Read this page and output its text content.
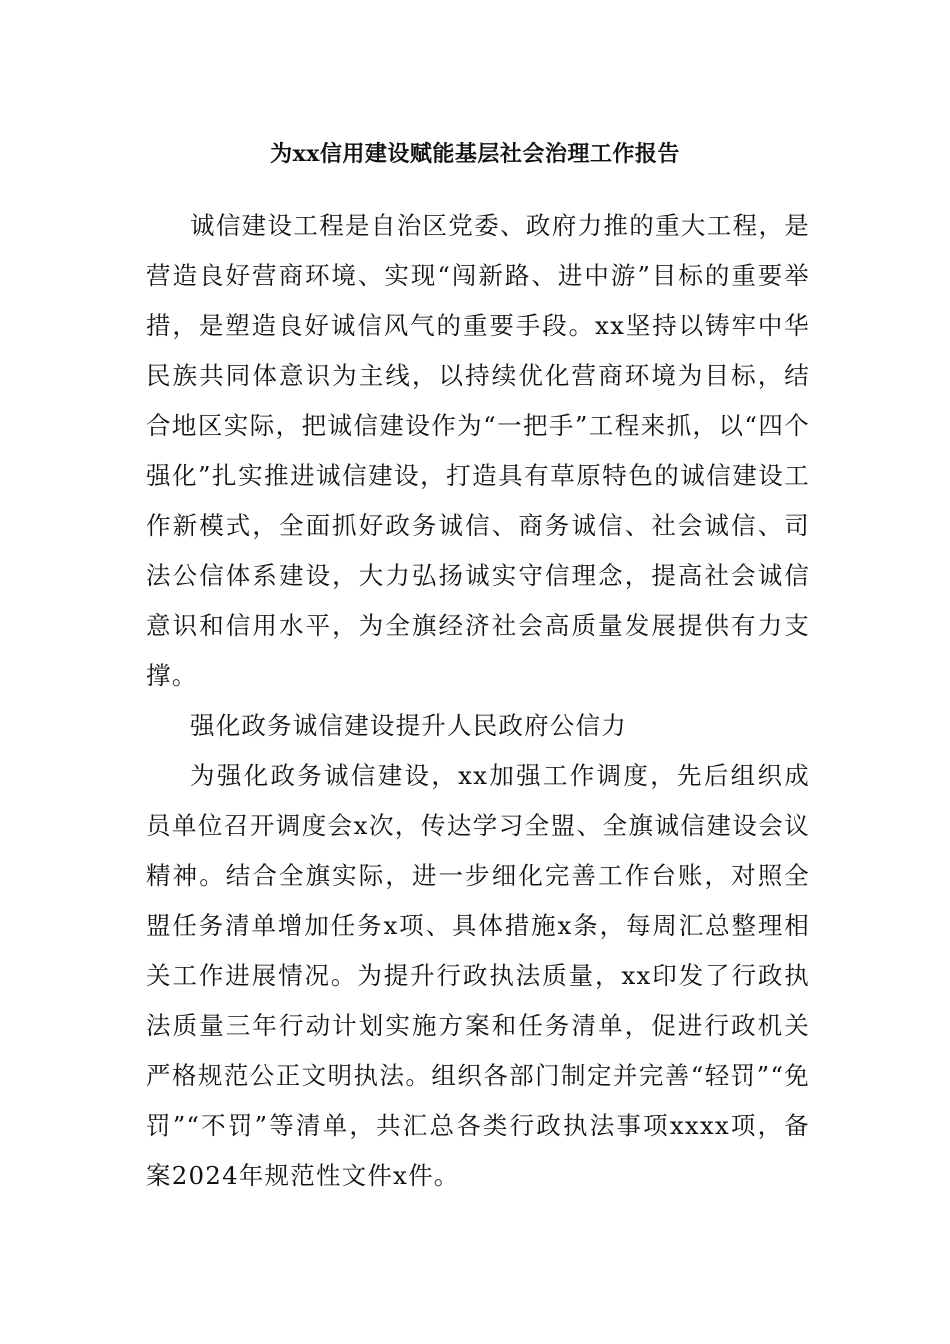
为xx信用建设赋能基层社会治理工作报告

诚信建设工程是自治区党委、政府力推的重大工程，是营造良好营商环境、实现“闯新路、进中游”目标的重要举措，是塑造良好诚信风气的重要手段。xx坚持以铸牢中华民族共同体意识为主线，以持续优化营商环境为目标，结合地区实际，把诚信建设作为“一把手”工程来抓，以“四个强化”扎实推进诚信建设，打造具有草原特色的诚信建设工作新模式，全面抓好政务诚信、商务诚信、社会诚信、司法公信体系建设，大力弘扬诚实守信理念，提高社会诚信意识和信用水平，为全旗经济社会高质量发展提供有力支撑。

强化政务诚信建设提升人民政府公信力

为强化政务诚信建设，xx加强工作调度，先后组织成员单位召开调度会x次，传达学习全盟、全旗诚信建设会议精神。结合全旗实际，进一步细化完善工作台账，对照全盟任务清单增加任务x项、具体措施x条，每周汇总整理相关工作进展情况。为提升行政执法质量，xx印发了行政执法质量三年行动计划实施方案和任务清单，促进行政机关严格规范公正文明执法。组织各部门制定并完善“轻罚”“免罚”“不罚”等清单，共汇总各类行政执法事项xxxx项，备案2024年规范性文件x件。
